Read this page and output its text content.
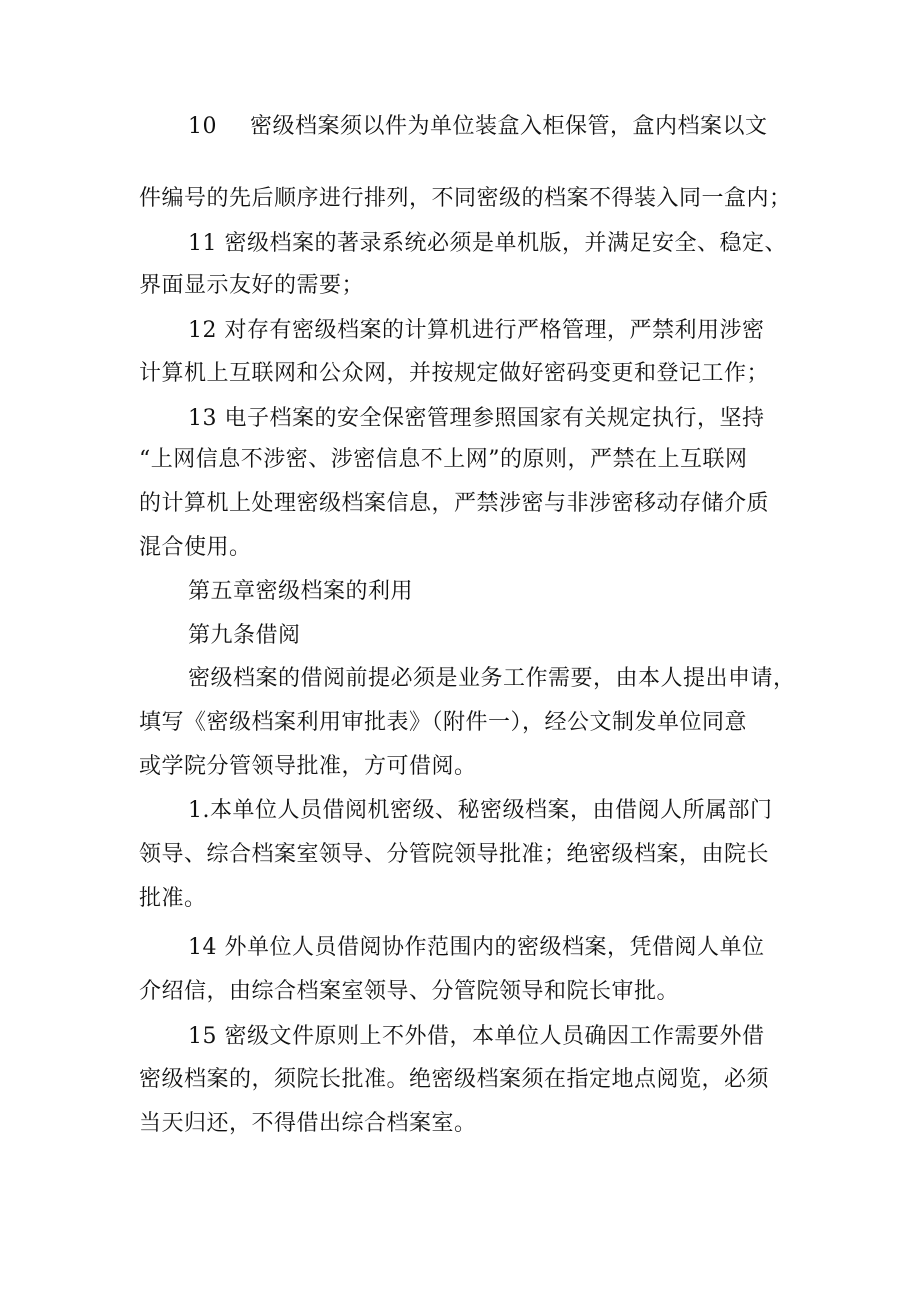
10 密级档案须以件为单位装盒入柜保管，盒内档案以文
件编号的先后顺序进行排列，不同密级的档案不得装入同一盒内；
11 密级档案的著录系统必须是单机版，并满足安全、稳定、
界面显示友好的需要；
12 对存有密级档案的计算机进行严格管理，严禁利用涉密
计算机上互联网和公众网，并按规定做好密码变更和登记工作；
13 电子档案的安全保密管理参照国家有关规定执行，坚持
“上网信息不涉密、涉密信息不上网”的原则，严禁在上互联网
的计算机上处理密级档案信息，严禁涉密与非涉密移动存储介质
混合使用。
第五章密级档案的利用
第九条借阅
密级档案的借阅前提必须是业务工作需要，由本人提出申请，
填写《密级档案利用审批表》（附件一），经公文制发单位同意
或学院分管领导批准，方可借阅。
1.本单位人员借阅机密级、秘密级档案，由借阅人所属部门
领导、综合档案室领导、分管院领导批准；绝密级档案，由院长
批准。
14 外单位人员借阅协作范围内的密级档案，凭借阅人单位
介绍信，由综合档案室领导、分管院领导和院长审批。
15 密级文件原则上不外借，本单位人员确因工作需要外借
密级档案的，须院长批准。绝密级档案须在指定地点阅览，必须
当天归还，不得借出综合档案室。
